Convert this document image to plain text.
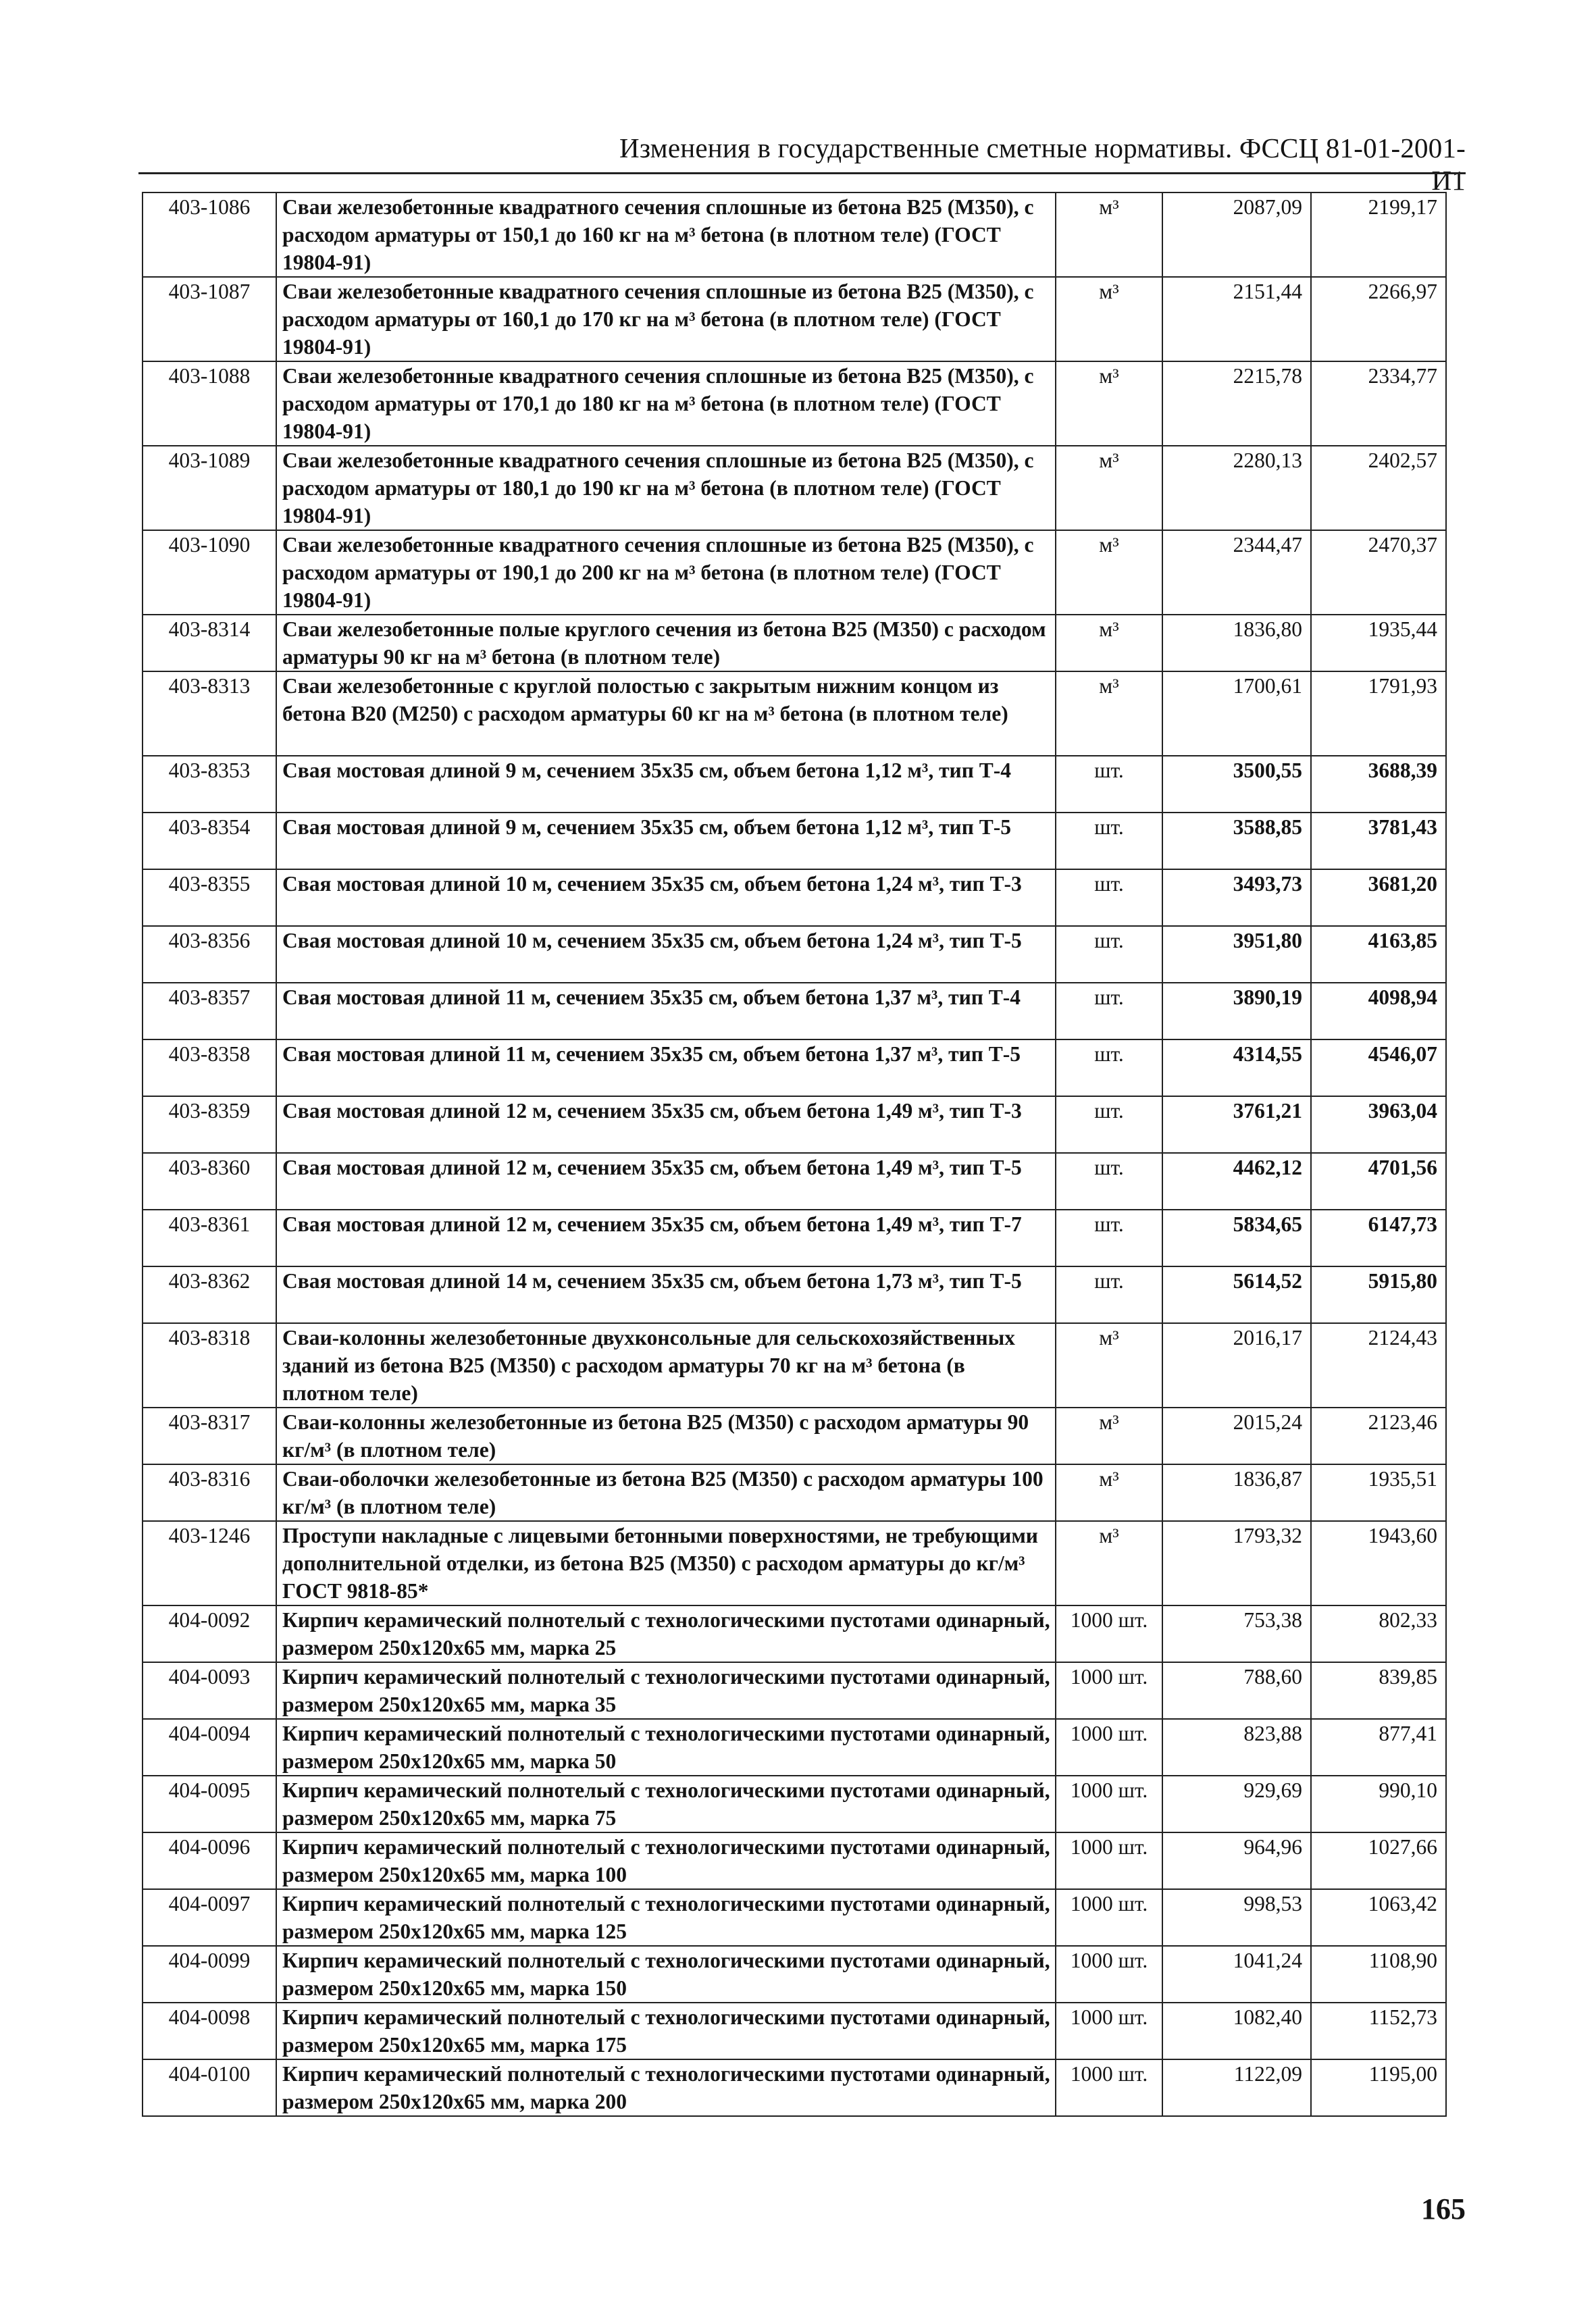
Изменения в государственные сметные нормативы. ФССЦ 81-01-2001-И1
403-1086	Сваи железобетонные квадратного сечения сплошные из бетона В25 (М350), с расходом арматуры от 150,1 до 160 кг на м³ бетона (в плотном теле) (ГОСТ 19804-91)	м³	2087,09	2199,17
403-1087	Сваи железобетонные квадратного сечения сплошные из бетона В25 (М350), с расходом арматуры от 160,1 до 170 кг на м³ бетона (в плотном теле) (ГОСТ 19804-91)	м³	2151,44	2266,97
403-1088	Сваи железобетонные квадратного сечения сплошные из бетона В25 (М350), с расходом арматуры от 170,1 до 180 кг на м³ бетона (в плотном теле) (ГОСТ 19804-91)	м³	2215,78	2334,77
403-1089	Сваи железобетонные квадратного сечения сплошные из бетона В25 (М350), с расходом арматуры от 180,1 до 190 кг на м³ бетона (в плотном теле) (ГОСТ 19804-91)	м³	2280,13	2402,57
403-1090	Сваи железобетонные квадратного сечения сплошные из бетона В25 (М350), с расходом арматуры от 190,1 до 200 кг на м³ бетона (в плотном теле) (ГОСТ 19804-91)	м³	2344,47	2470,37
403-8314	Сваи железобетонные полые круглого сечения из бетона В25 (М350) с расходом арматуры 90 кг на м³ бетона (в плотном теле)	м³	1836,80	1935,44
403-8313	Сваи железобетонные с круглой полостью с закрытым нижним концом из бетона В20 (М250) с расходом арматуры 60 кг на м³ бетона (в плотном теле)	м³	1700,61	1791,93
403-8353	Свая мостовая длиной 9 м, сечением 35х35 см, объем бетона 1,12 м³, тип Т-4	шт.	3500,55	3688,39
403-8354	Свая мостовая длиной 9 м, сечением 35х35 см, объем бетона 1,12 м³, тип Т-5	шт.	3588,85	3781,43
403-8355	Свая мостовая длиной 10 м, сечением 35х35 см, объем бетона 1,24 м³, тип Т-3	шт.	3493,73	3681,20
403-8356	Свая мостовая длиной 10 м, сечением 35х35 см, объем бетона 1,24 м³, тип Т-5	шт.	3951,80	4163,85
403-8357	Свая мостовая длиной 11 м, сечением 35х35 см, объем бетона 1,37 м³, тип Т-4	шт.	3890,19	4098,94
403-8358	Свая мостовая длиной 11 м, сечением 35х35 см, объем бетона 1,37 м³, тип Т-5	шт.	4314,55	4546,07
403-8359	Свая мостовая длиной 12 м, сечением 35х35 см, объем бетона 1,49 м³, тип Т-3	шт.	3761,21	3963,04
403-8360	Свая мостовая длиной 12 м, сечением 35х35 см, объем бетона 1,49 м³, тип Т-5	шт.	4462,12	4701,56
403-8361	Свая мостовая длиной 12 м, сечением 35х35 см, объем бетона 1,49 м³, тип Т-7	шт.	5834,65	6147,73
403-8362	Свая мостовая длиной 14 м, сечением 35х35 см, объем бетона 1,73 м³, тип Т-5	шт.	5614,52	5915,80
403-8318	Сваи-колонны железобетонные двухконсольные для сельскохозяйственных зданий из бетона В25 (М350) с расходом арматуры 70 кг на м³ бетона (в плотном теле)	м³	2016,17	2124,43
403-8317	Сваи-колонны железобетонные из бетона В25 (М350) с расходом арматуры 90 кг/м³ (в плотном теле)	м³	2015,24	2123,46
403-8316	Сваи-оболочки железобетонные из бетона В25 (М350) с расходом арматуры 100 кг/м³ (в плотном теле)	м³	1836,87	1935,51
403-1246	Проступи накладные с лицевыми бетонными поверхностями, не требующими дополнительной отделки, из бетона В25 (М350) с расходом арматуры до кг/м³ ГОСТ 9818-85*	м³	1793,32	1943,60
404-0092	Кирпич керамический полнотелый с технологическими пустотами одинарный, размером 250х120х65 мм, марка 25	1000 шт.	753,38	802,33
404-0093	Кирпич керамический полнотелый с технологическими пустотами одинарный, размером 250х120х65 мм, марка 35	1000 шт.	788,60	839,85
404-0094	Кирпич керамический полнотелый с технологическими пустотами одинарный, размером 250х120х65 мм, марка 50	1000 шт.	823,88	877,41
404-0095	Кирпич керамический полнотелый с технологическими пустотами одинарный, размером 250х120х65 мм, марка 75	1000 шт.	929,69	990,10
404-0096	Кирпич керамический полнотелый с технологическими пустотами одинарный, размером 250х120х65 мм, марка 100	1000 шт.	964,96	1027,66
404-0097	Кирпич керамический полнотелый с технологическими пустотами одинарный, размером 250х120х65 мм, марка 125	1000 шт.	998,53	1063,42
404-0099	Кирпич керамический полнотелый с технологическими пустотами одинарный, размером 250х120х65 мм, марка 150	1000 шт.	1041,24	1108,90
404-0098	Кирпич керамический полнотелый с технологическими пустотами одинарный, размером 250х120х65 мм, марка 175	1000 шт.	1082,40	1152,73
404-0100	Кирпич керамический полнотелый с технологическими пустотами одинарный, размером 250х120х65 мм, марка 200	1000 шт.	1122,09	1195,00
165
